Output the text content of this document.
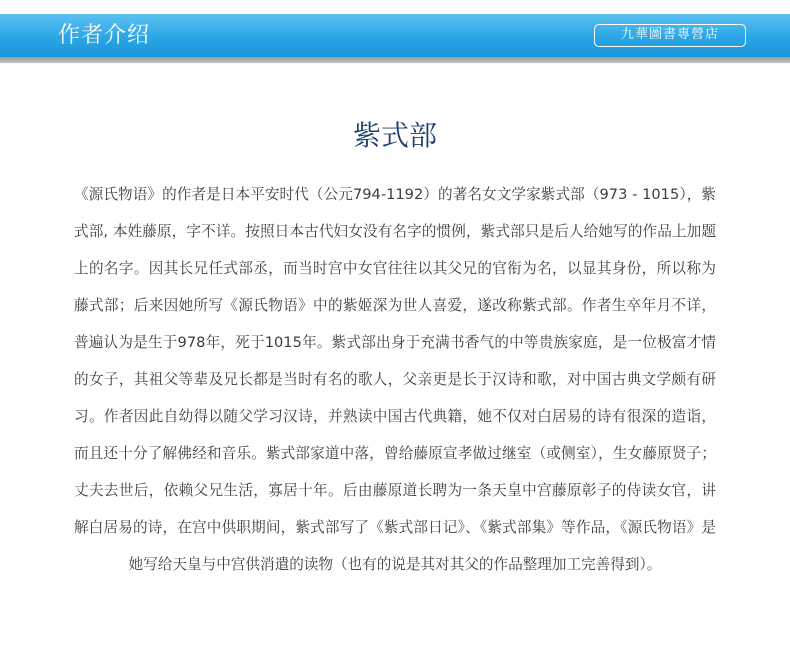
作者介绍	九華圖書專營店
紫式部

《源氏物语》的作者是日本平安时代（公元794-1192）的著名女文学家紫式部（973 - 1015），紫式部, 本姓藤原，字不详。按照日本古代妇女没有名字的惯例，紫式部只是后人给她写的作品上加题上的名字。因其长兄任式部丞，而当时宫中女官往往以其父兄的官衔为名，以显其身份，所以称为藤式部；后来因她所写《源氏物语》中的紫姬深为世人喜爱，遂改称紫式部。作者生卒年月不详，普遍认为是生于978年，死于1015年。紫式部出身于充满书香气的中等贵族家庭，是一位极富才情的女子，其祖父等辈及兄长都是当时有名的歌人，父亲更是长于汉诗和歌，对中国古典文学颇有研习。作者因此自幼得以随父学习汉诗，并熟读中国古代典籍，她不仅对白居易的诗有很深的造诣，而且还十分了解佛经和音乐。紫式部家道中落，曾给藤原宣孝做过继室（或侧室），生女藤原贤子；丈夫去世后，依赖父兄生活，寡居十年。后由藤原道长聘为一条天皇中宫藤原彰子的侍读女官，讲解白居易的诗，在宫中供职期间，紫式部写了《紫式部日记》、《紫式部集》等作品，《源氏物语》是她写给天皇与中宫供消遣的读物（也有的说是其对其父的作品整理加工完善得到）。
